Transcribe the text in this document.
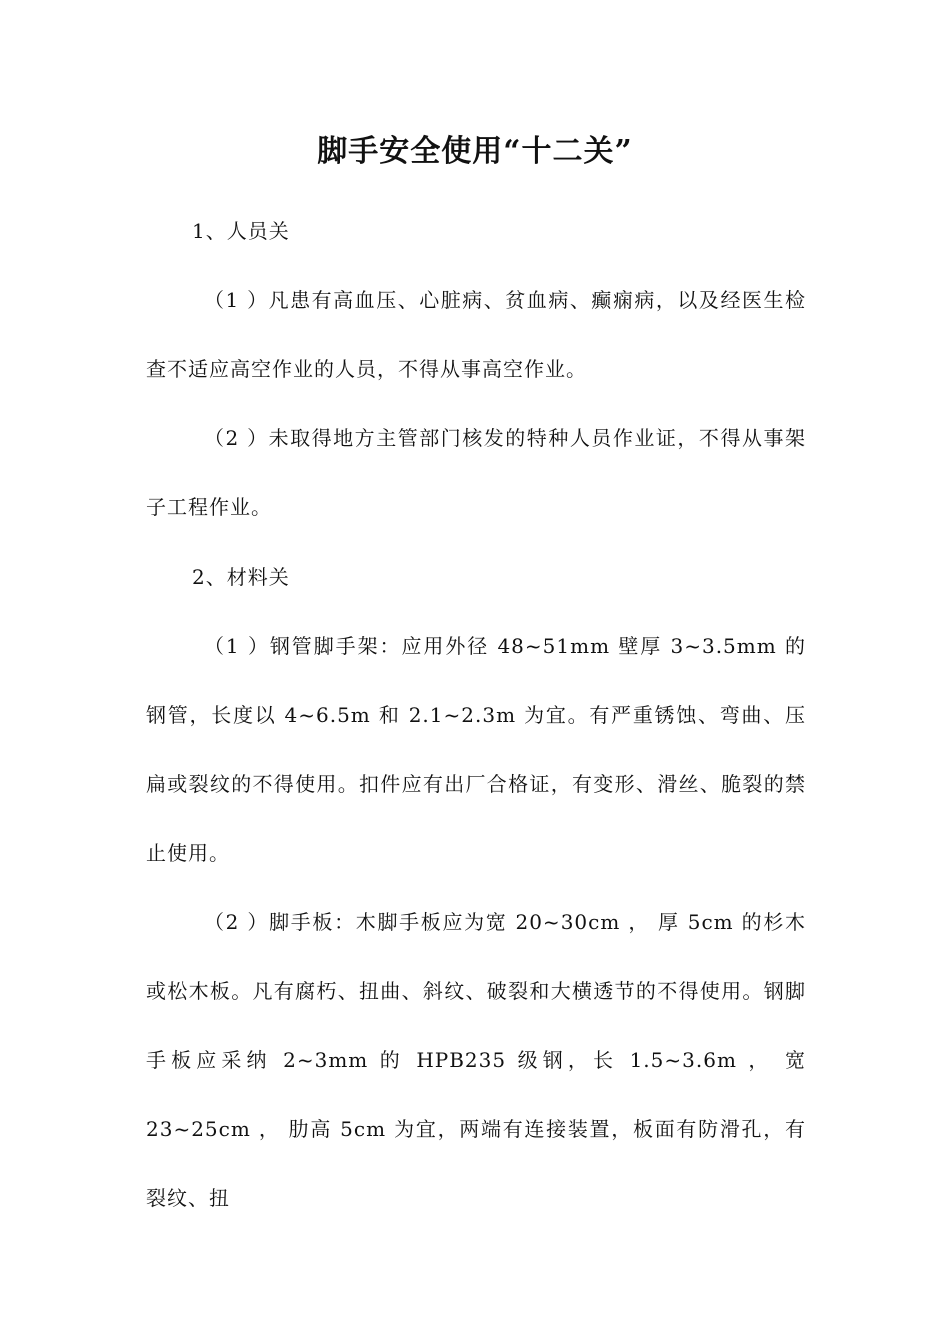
脚手安全使用“十二关”

1、人员关

（1 ）凡患有高血压、心脏病、贫血病、癫痫病，以及经医生检查不适应高空作业的人员，不得从事高空作业。

（2 ）未取得地方主管部门核发的特种人员作业证，不得从事架子工程作业。

2、材料关

（1 ）钢管脚手架：应用外径 48~51mm 壁厚 3~3.5mm 的钢管，长度以 4~6.5m 和 2.1~2.3m 为宜。有严重锈蚀、弯曲、压扁或裂纹的不得使用。扣件应有出厂合格证，有变形、滑丝、脆裂的禁止使用。

（2 ）脚手板：木脚手板应为宽 20~30cm ， 厚 5cm 的杉木或松木板。凡有腐朽、扭曲、斜纹、破裂和大横透节的不得使用。钢脚手板应采纳 2~3mm 的 HPB235 级钢，长 1.5~3.6m ， 宽 23~25cm ， 肋高 5cm 为宜，两端有连接装置，板面有防滑孔，有裂纹、扭
